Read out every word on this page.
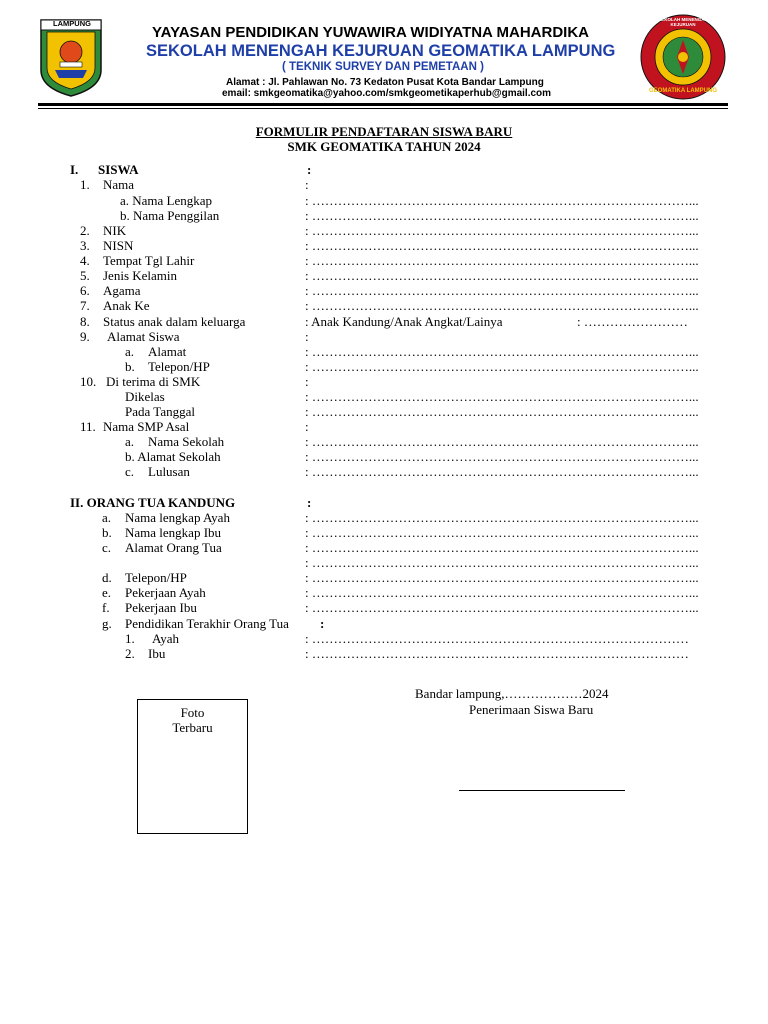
LAMPUNG
YAYASAN PENDIDIKAN YUWAWIRA WIDIYATNA MAHARDIKA
SEKOLAH MENENGAH KEJURUAN GEOMATIKA LAMPUNG
( TEKNIK SURVEY DAN PEMETAAN )
Alamat : Jl. Pahlawan No. 73 Kedaton Pusat Kota Bandar Lampung
email: smkgeomatika@yahoo.com/smkgeometikaperhub@gmail.com	GEOMATIKA LAMPUNG
SEKOLAH MENENGAH KEJURUAN
FORMULIR PENDAFTARAN SISWA BARU
SMK GEOMATIKA TAHUN 2024
I. SISWA	:
1. Nama	:
a. Nama Lengkap	: ……………………………………………………………………………...
b. Nama Penggilan	: ……………………………………………………………………………...
2. NIK	: ……………………………………………………………………………...
3. NISN	: ……………………………………………………………………………...
4. Tempat Tgl Lahir	: ……………………………………………………………………………...
5. Jenis Kelamin	: ……………………………………………………………………………...
6. Agama	: ……………………………………………………………………………...
7. Anak Ke	: ……………………………………………………………………………...
8. Status anak dalam keluarga	: Anak Kandung/Anak Angkat/Lainya	: ……………………
9. Alamat Siswa	:
a. Alamat	: ……………………………………………………………………………...
b. Telepon/HP	: ……………………………………………………………………………...
10. Di terima di SMK	:
Dikelas	: ……………………………………………………………………………...
Pada Tanggal	: ……………………………………………………………………………...
11. Nama SMP Asal	:
a. Nama Sekolah	: ……………………………………………………………………………...
b. Alamat Sekolah	: ……………………………………………………………………………...
c. Lulusan	: ……………………………………………………………………………...
II. ORANG TUA KANDUNG	:
a. Nama lengkap Ayah	: ……………………………………………………………………………...
b. Nama lengkap Ibu	: ……………………………………………………………………………...
c. Alamat Orang Tua	: ……………………………………………………………………………...
: ……………………………………………………………………………...
d. Telepon/HP	: ……………………………………………………………………………...
e. Pekerjaan Ayah	: ……………………………………………………………………………...
f. Pekerjaan Ibu	: ……………………………………………………………………………...
g. Pendidikan Terakhir Orang Tua :
1. Ayah	: ……………………………………………………………………………
2. Ibu	: ……………………………………………………………………………
Foto
Terbaru
Bandar lampung,………………2024
Penerimaan Siswa Baru
